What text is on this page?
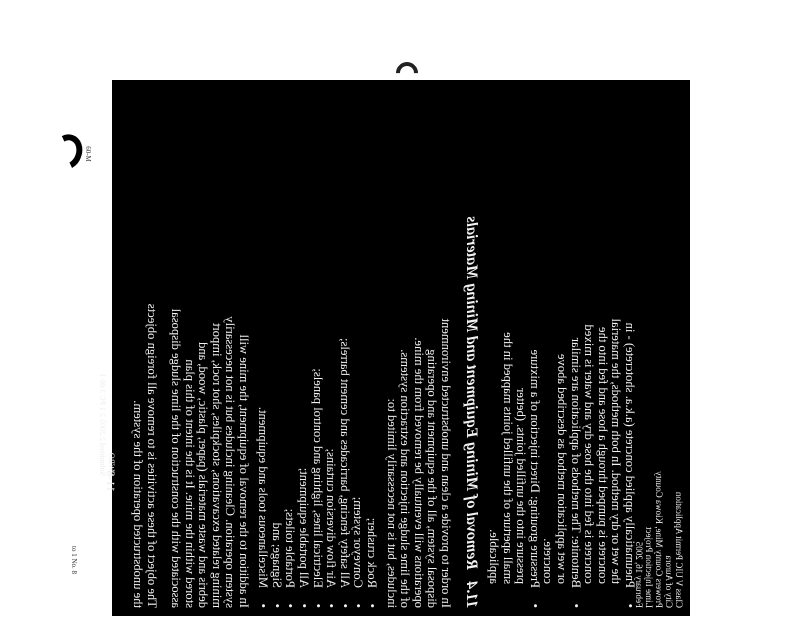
60-M
to 1 No. 8	Class V UIC Permit Application
City of Aurora
Prowers County Mine, Kiowa County
Lime Injection Project
February 16, 2005
• Pneumatically applied concrete (a.k.a. shotcrete) - in
the wet or dry method. In both methods, the material
concrete is pumped through a hose and fed into the
concrete is fed into the hose dry and water is mixed
• Bentonite: The methods of application are similar
or wet application method as described above
concrete.
• Pressure grouting: Direct injection of a mixture
pressure into the unfilled joints. (better
small aperture of the unfilled joints mapped in the
applicable.
11.4 Removal of Mining Equipment and Mining Materials
In order to provide a clean and unobstructed environment
disposal system, all of the equipment and operating
operations will eventually be removed from the mine.
of the lime sludge injection and extraction systems.
includes, but is not necessarily limited to:
• Rock crusher;
• Conveyor system;
• All safety fencing, barricades and cement barrels;
• Air flow diversion curtains;
• Electrical lines, lighting and control panels;
• All portable equipment;
• Portable toilets;
• Signage; and
• Miscellaneous tools and equipment.
In addition to the removal of equipment, the mine will
system operation. Cleaning includes but is not necessarily
mining related excavations, stockpiles, shot rock, import
debris and waste materials (paper, plastic, wood, and
stored within the mine. It is the intent of this plan
associated with the construction of the lime sludge disposal
The object of these activities is to remove all foreign objects
the unobstructed operation of the system.
SWRO
Submitted 2 2005 2 1 PC 3 00 1
11-8
